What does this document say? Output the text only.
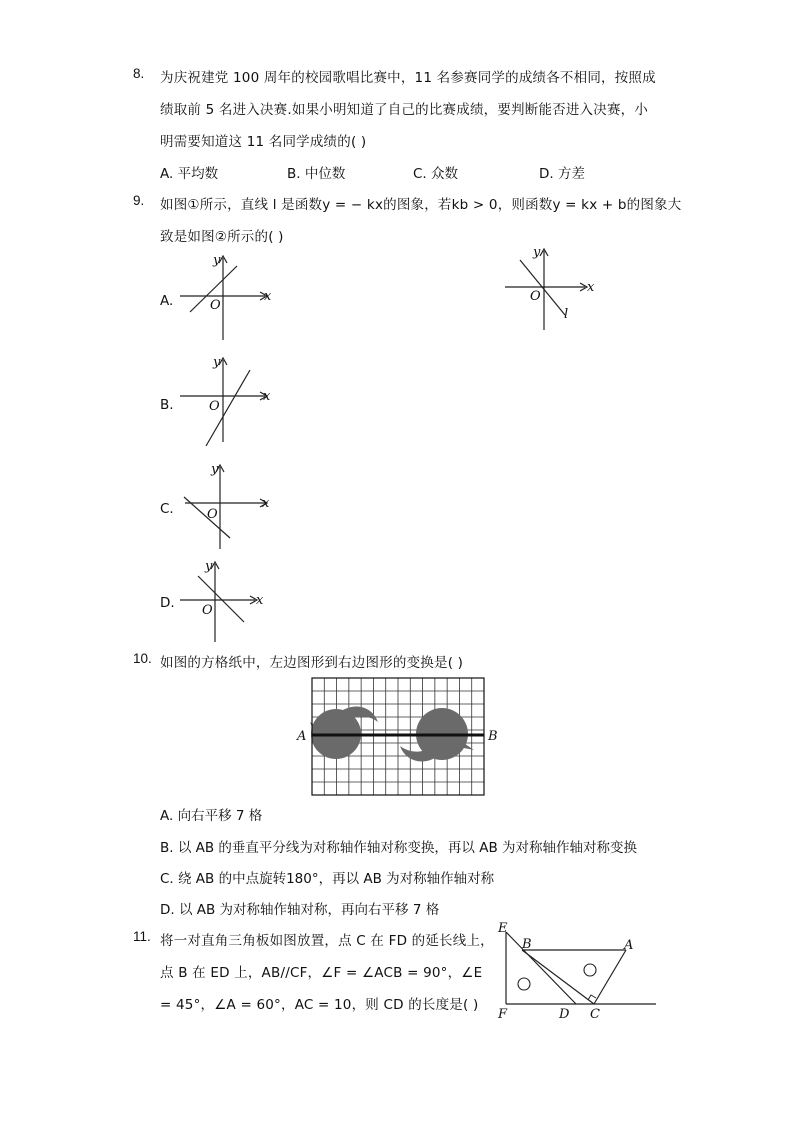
8. 为庆祝建党 100 周年的校园歌唱比赛中，11 名参赛同学的成绩各不相同，按照成
绩取前 5 名进入决赛.如果小明知道了自己的比赛成绩，要判断能否进入决赛，小
明需要知道这 11 名同学成绩的( )
A. 平均数	B. 中位数	C. 众数	D. 方差
9. 如图①所示，直线 l 是函数y = − kx的图象，若kb > 0，则函数y = kx + b的图象大
致是如图②所示的( )
x
y
O
l
A.	x
y
O
B.
x
y
O
C.	x
y
O
D.	x
y
O
10. 如图的方格纸中，左边图形到右边图形的变换是( )
A	B
A. 向右平移 7 格
B. 以 AB 的垂直平分线为对称轴作轴对称变换，再以 AB 为对称轴作轴对称变换
C. 绕 AB 的中点旋转180°，再以 AB 为对称轴作轴对称
D. 以 AB 为对称轴作轴对称，再向右平移 7 格
11. 将一对直角三角板如图放置，点 C 在 FD 的延长线上，
点 B 在 ED 上，AB//CF，∠F = ∠ACB = 90°，∠E
= 45°，∠A = 60°，AC = 10，则 CD 的长度是( )
E
B	A
F	D C
